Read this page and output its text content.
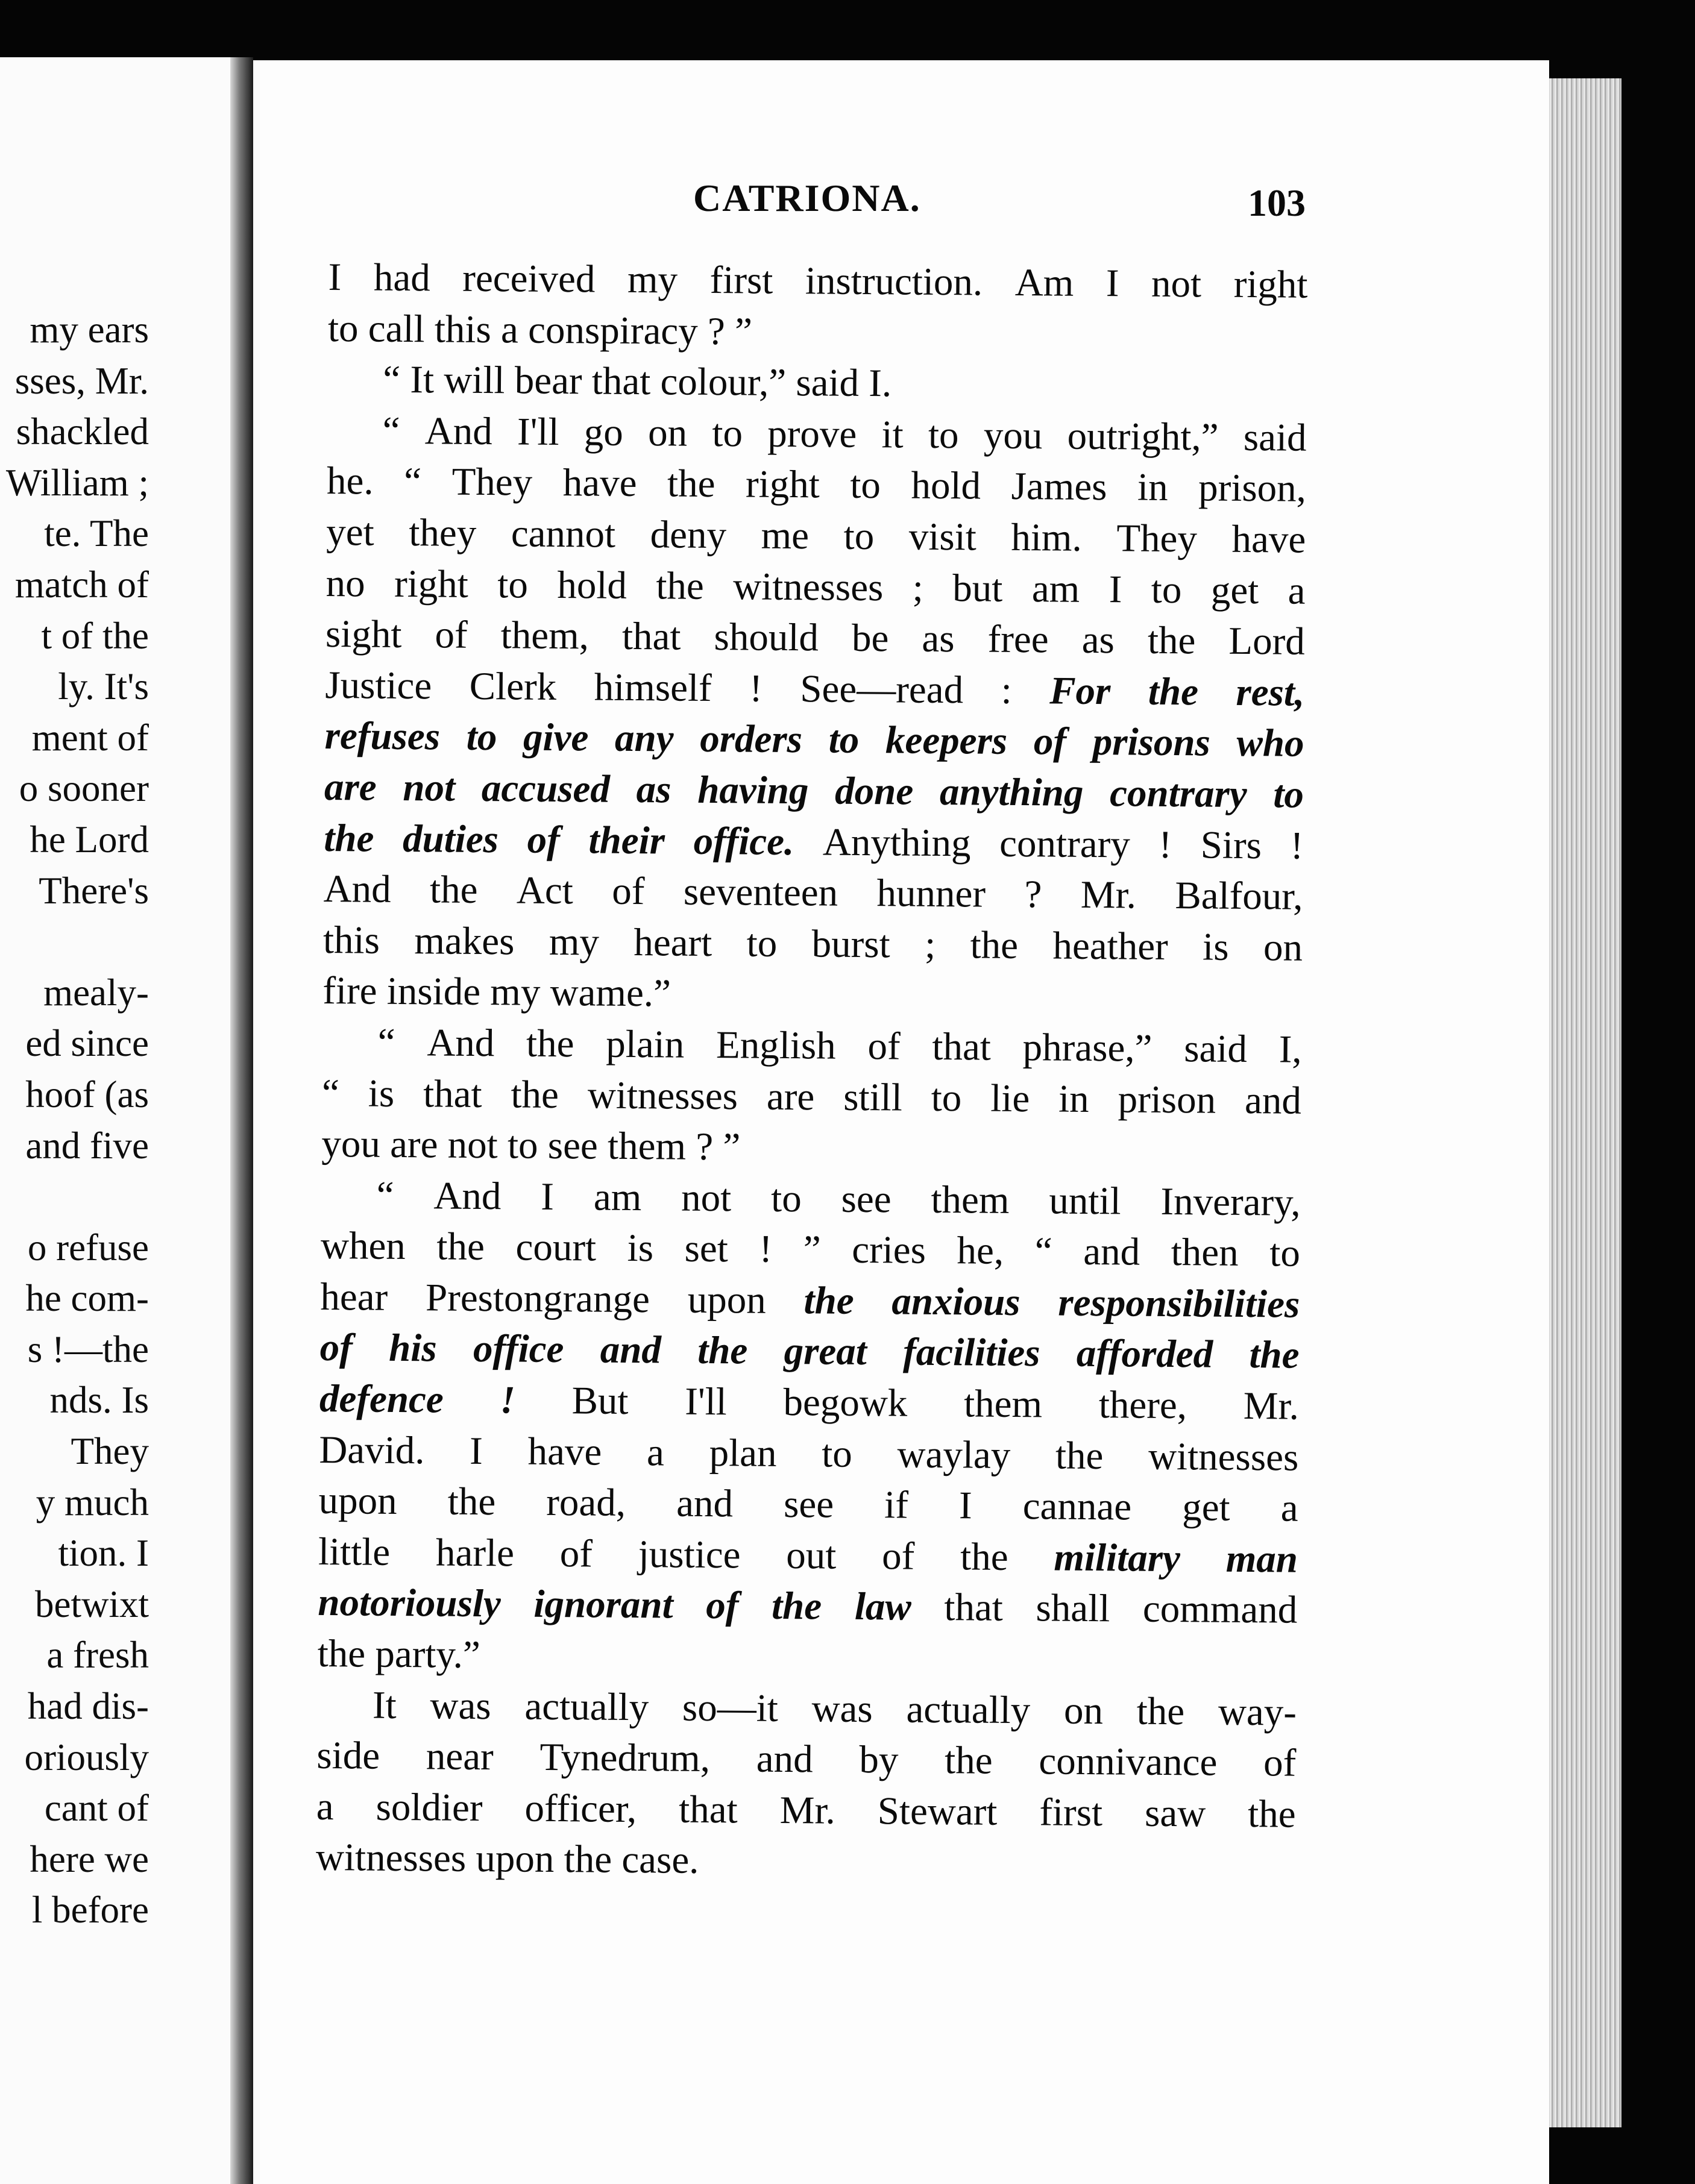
my ears
sses, Mr.
shackled
William ;
te. The
match of
t of the
ly. It's
ment of
o sooner
he Lord
There's
mealy-
ed since
hoof (as
and five
o refuse
he com-
s !—the
nds. Is
They
y much
tion. I
betwixt
a fresh
had dis-
oriously
cant of
here we
l before
CATRIONA.	103
I had received my first instruction. Am I not right
to call this a conspiracy ? ”
“ It will bear that colour,” said I.
“ And I'll go on to prove it to you outright,” said
he. “ They have the right to hold James in prison,
yet they cannot deny me to visit him. They have
no right to hold the witnesses ; but am I to get a
sight of them, that should be as free as the Lord
Justice Clerk himself ! See—read : For the rest,
refuses to give any orders to keepers of prisons who
are not accused as having done anything contrary to
the duties of their office. Anything contrary ! Sirs !
And the Act of seventeen hunner ? Mr. Balfour,
this makes my heart to burst ; the heather is on
fire inside my wame.”
“ And the plain English of that phrase,” said I,
“ is that the witnesses are still to lie in prison and
you are not to see them ? ”
“ And I am not to see them until Inverary,
when the court is set ! ” cries he, “ and then to
hear Prestongrange upon the anxious responsibilities
of his office and the great facilities afforded the
defence ! But I'll begowk them there, Mr.
David. I have a plan to waylay the witnesses
upon the road, and see if I cannae get a
little harle of justice out of the military man
notoriously ignorant of the law that shall command
the party.”
It was actually so—it was actually on the way-
side near Tynedrum, and by the connivance of
a soldier officer, that Mr. Stewart first saw the
witnesses upon the case.
